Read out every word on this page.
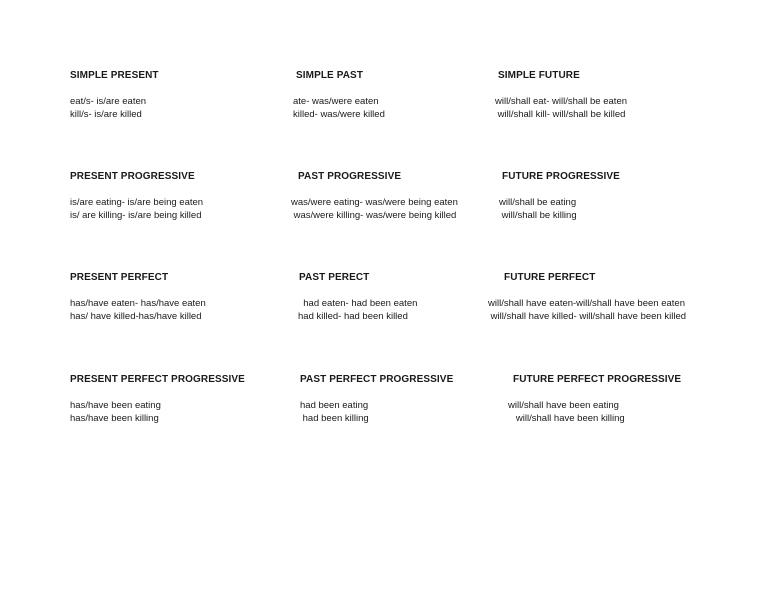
SIMPLE PRESENT
eat/s- is/are eaten
kill/s- is/are killed
SIMPLE PAST
ate- was/were eaten
killed- was/were killed
SIMPLE FUTURE
will/shall eat- will/shall be eaten
will/shall kill- will/shall be killed
PRESENT PROGRESSIVE
is/are eating- is/are being eaten
is/ are killing- is/are being killed
PAST PROGRESSIVE
was/were eating- was/were being eaten
was/were killing- was/were being killed
FUTURE PROGRESSIVE
will/shall be eating
will/shall be killing
PRESENT PERFECT
has/have eaten- has/have eaten
has/ have killed-has/have killed
PAST PERECT
had eaten- had been eaten
had killed- had been killed
FUTURE PERFECT
will/shall have eaten-will/shall have been eaten
will/shall have killed- will/shall have been killed
PRESENT PERFECT PROGRESSIVE
has/have been eating
has/have been killing
PAST PERFECT PROGRESSIVE
had been eating
had been killing
FUTURE PERFECT PROGRESSIVE
will/shall have been eating
will/shall have been killing
